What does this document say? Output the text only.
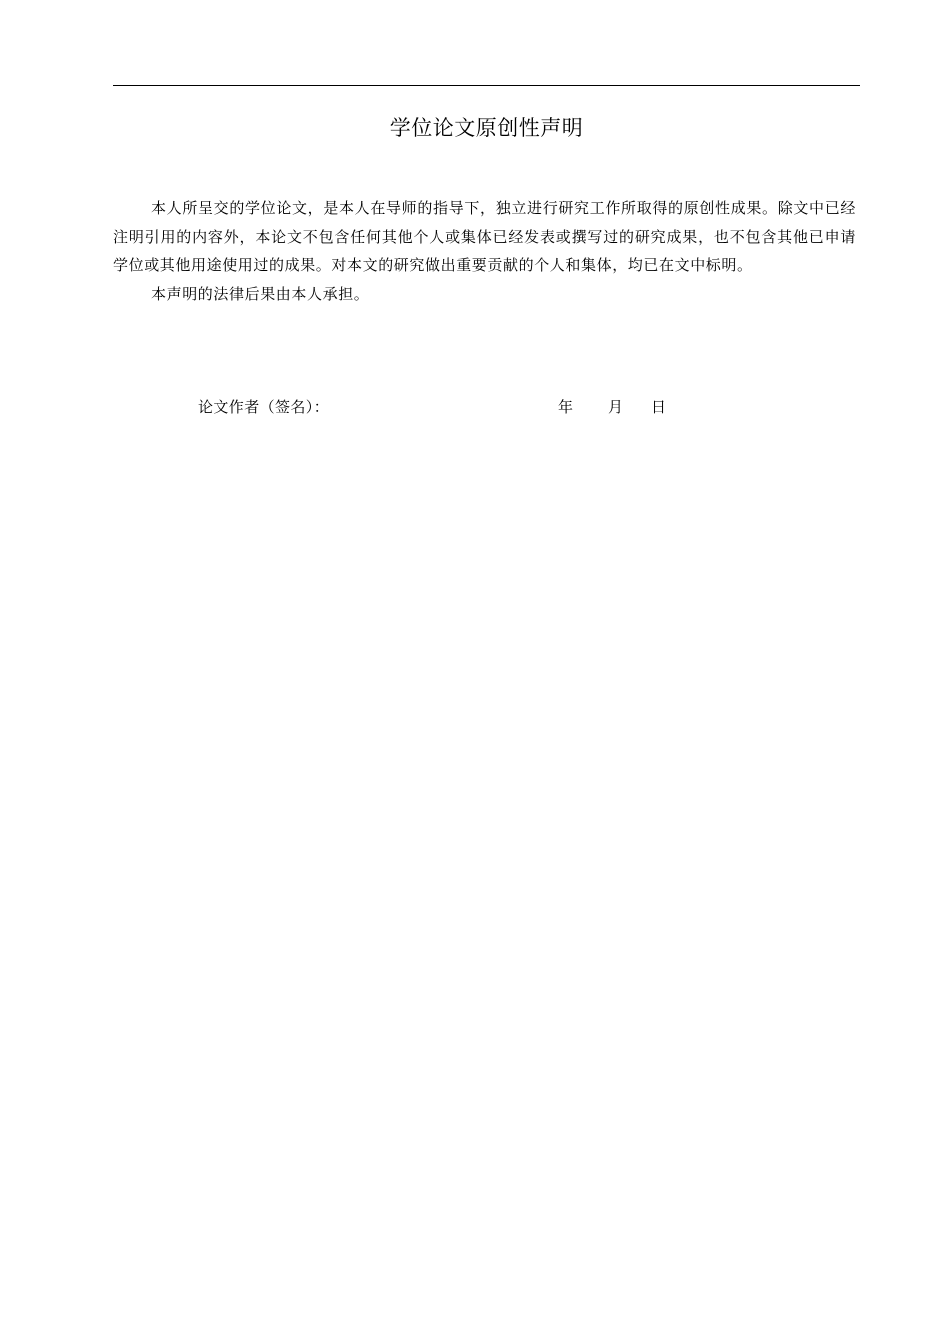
学位论文原创性声明

本人所呈交的学位论文，是本人在导师的指导下，独立进行研究工作所取得的原创性成果。除文中已经注明引用的内容外，本论文不包含任何其他个人或集体已经发表或撰写过的研究成果，也不包含其他已申请学位或其他用途使用过的成果。对本文的研究做出重要贡献的个人和集体，均已在文中标明。

本声明的法律后果由本人承担。

论文作者（签名）：	年 月 日
